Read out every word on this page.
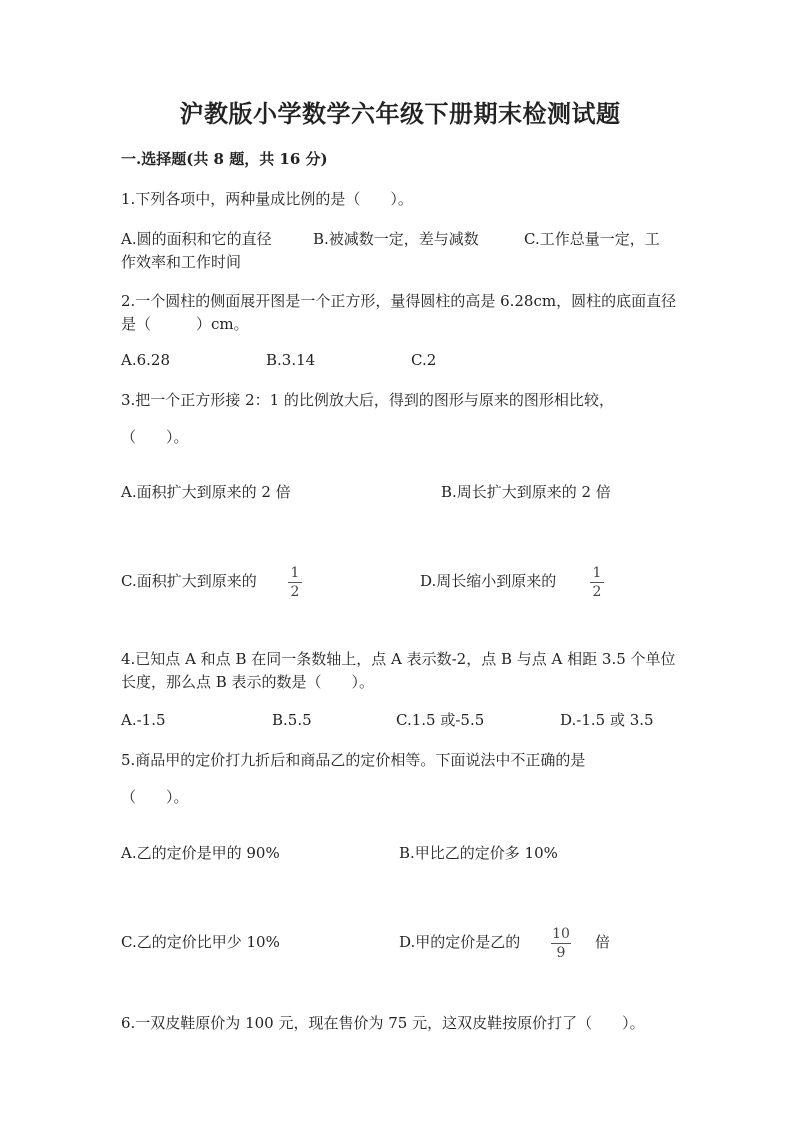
沪教版小学数学六年级下册期末检测试题
一.选择题(共 8 题，共 16 分)
1.下列各项中，两种量成比例的是（　　）。
A.圆的面积和它的直径	B.被减数一定，差与减数	C.工作总量一定，工
作效率和工作时间
2.一个圆柱的侧面展开图是一个正方形，量得圆柱的高是 6.28cm，圆柱的底面直径是（　　　）cm。
A.6.28	B.3.14	C.2
3.把一个正方形接 2：1 的比例放大后，得到的图形与原来的图形相比较，
（　　）。
A.面积扩大到原来的 2 倍	B.周长扩大到原来的 2 倍
C.面积扩大到原来的 1
2
D.周长缩小到原来的	1
2
4.已知点 A 和点 B 在同一条数轴上，点 A 表示数-2，点 B 与点 A 相距 3.5 个单位长度，那么点 B 表示的数是（　　）。
A.-1.5	B.5.5	C.1.5 或-5.5	D.-1.5 或 3.5
5.商品甲的定价打九折后和商品乙的定价相等。下面说法中不正确的是
（　　）。
A.乙的定价是甲的 90%	B.甲比乙的定价多 10%
C.乙的定价比甲少 10%	D.甲的定价是乙的 10
9
倍
6.一双皮鞋原价为 100 元，现在售价为 75 元，这双皮鞋按原价打了（　　）。
